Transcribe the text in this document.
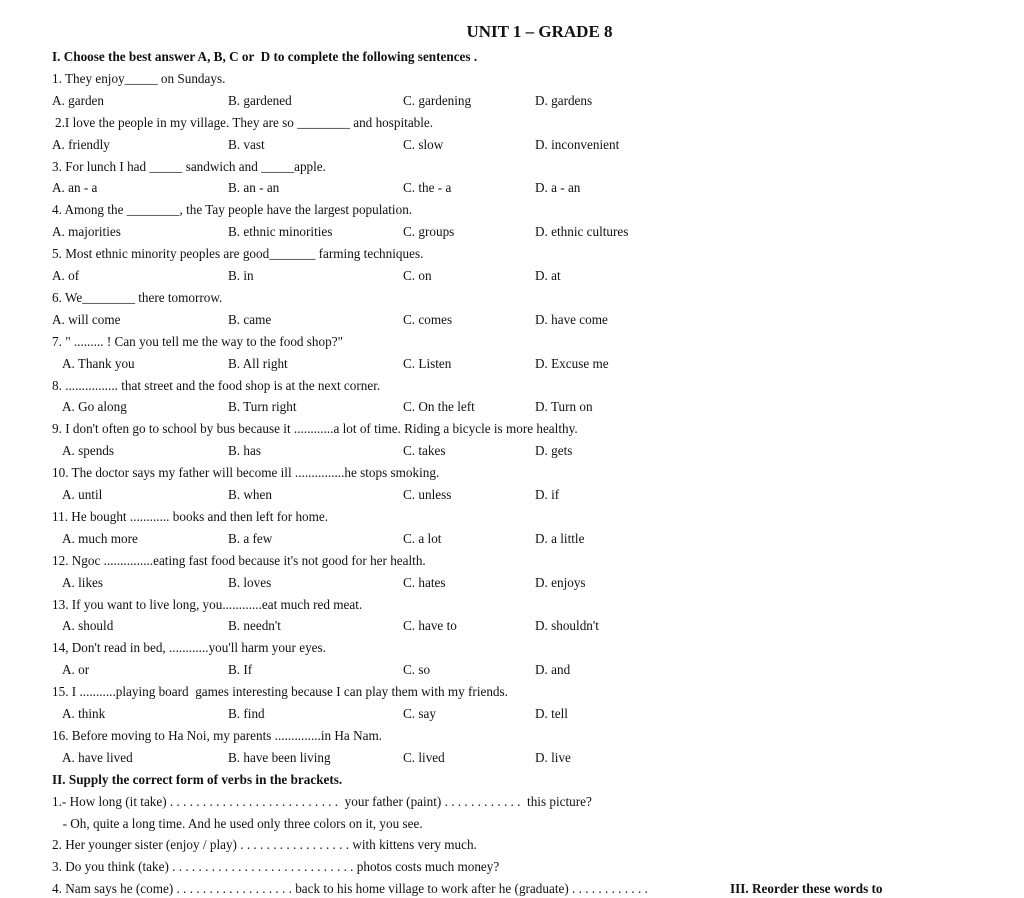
UNIT 1 – GRADE 8
I. Choose the best answer A, B, C or  D to complete the following sentences .
1. They enjoy_____ on Sundays.
A. garden	B. gardened	C. gardening	D. gardens
2.I love the people in my village. They are so ________ and hospitable.
A. friendly	B. vast	C. slow	D. inconvenient
3. For lunch I had _____ sandwich and _____apple.
A. an - a	B. an - an	C. the - a	D. a - an
4. Among the ________, the Tay people have the largest population.
A. majorities	B. ethnic minorities	C. groups	D. ethnic cultures
5. Most ethnic minority peoples are good_______ farming techniques.
A. of	B. in	C. on	D. at
6. We________ there tomorrow.
A. will come	B. came	C. comes	D. have come
7. " ......... ! Can you tell me the way to the food shop?"
A. Thank you	B. All right	C. Listen	D. Excuse me
8. ................ that street and the food shop is at the next corner.
A. Go along	B. Turn right	C. On the left	D. Turn on
9. I don't often go to school by bus because it ............a lot of time. Riding a bicycle is more healthy.
A. spends	B. has	C. takes	D. gets
10. The doctor says my father will become ill ...............he stops smoking.
A. until	B. when	C. unless	D. if
11. He bought ............ books and then left for home.
A. much more	B. a few	C. a lot	D. a little
12. Ngoc ...............eating fast food because it's not good for her health.
A. likes	B. loves	C. hates	D. enjoys
13. If you want to live long, you............eat much red meat.
A. should	B. needn't	C. have to	D. shouldn't
14, Don't read in bed, ............you'll harm your eyes.
A. or	B. If	C. so	D. and
15. I ...........playing board  games interesting because I can play them with my friends.
A. think	B. find	C. say	D. tell
16. Before moving to Ha Noi, my parents ..............in Ha Nam.
A. have lived	B. have been living	C. lived	D. live
II. Supply the correct form of verbs in the brackets.
1.- How long (it take) . . . . . . . . . . . . . . . . . . . . . . . . . .  your father (paint) . . . . . . . . . . . .  this picture?
- Oh, quite a long time. And he used only three colors on it, you see.
2. Her younger sister (enjoy / play) . . . . . . . . . . . . . . . . . with kittens very much.
3. Do you think (take) . . . . . . . . . . . . . . . . . . . . . . . . . . . . photos costs much money?
4. Nam says he (come) . . . . . . . . . . . . . . . . . . back to his home village to work after he (graduate) . . . . . . . . . . . .	III. Reorder these words to
